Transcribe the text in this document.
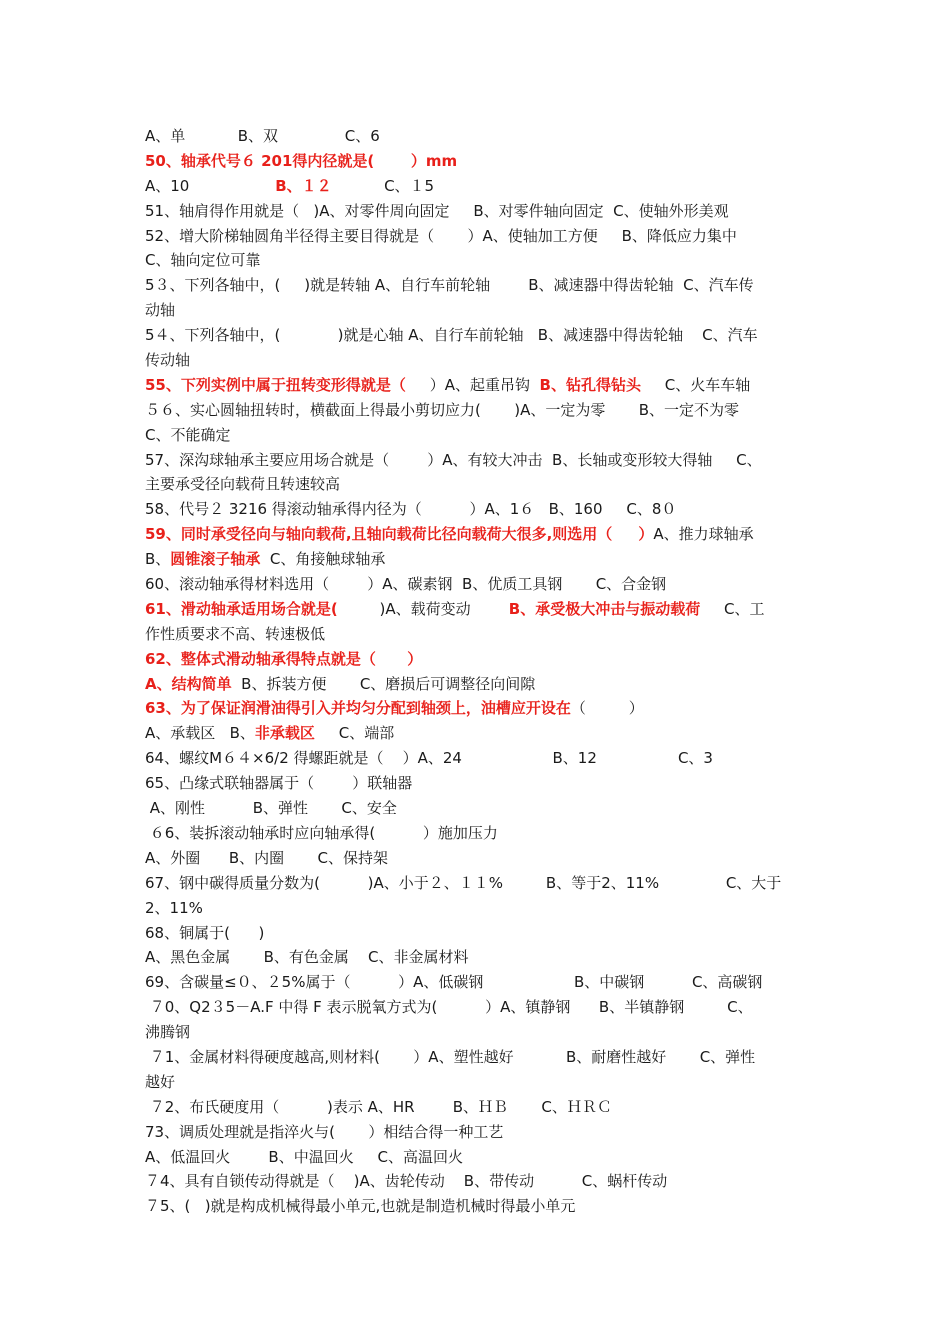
A、单           B、双              C、6
50、轴承代号６ 201得内径就是(       ）mm
A、10                  B、１２           C、１5
51、轴肩得作用就是（   )A、对零件周向固定     B、对零件轴向固定  C、使轴外形美观
52、增大阶梯轴圆角半径得主要目得就是（       ）A、使轴加工方便     B、降低应力集中
C、轴向定位可靠
5３、下列各轴中，(     )就是转轴 A、自行车前轮轴        B、减速器中得齿轮轴  C、汽车传
动轴
5４、下列各轴中，(            )就是心轴 A、自行车前轮轴   B、减速器中得齿轮轴    C、汽车
传动轴
55、下列实例中属于扭转变形得就是（     ）A、起重吊钩  B、钻孔得钻头     C、火车车轴
５６、实心圆轴扭转时，横截面上得最小剪切应力(       )A、一定为零       B、一定不为零
C、不能确定
57、深沟球轴承主要应用场合就是（        ）A、有较大冲击  B、长轴或变形较大得轴     C、
主要承受径向载荷且转速较高
58、代号２ 3216 得滚动轴承得内径为（          ）A、1６   B、160     C、8０
59、同时承受径向与轴向载荷,且轴向载荷比径向载荷大很多,则选用（     ）A、推力球轴承
B、圆锥滚子轴承  C、角接触球轴承
60、滚动轴承得材料选用（        ）A、碳素钢  B、优质工具钢       C、合金钢
61、滑动轴承适用场合就是(        )A、载荷变动        B、承受极大冲击与振动载荷     C、工
作性质要求不高、转速极低
62、整体式滑动轴承得特点就是（      ）
A、结构简单  B、拆装方便       C、磨损后可调整径向间隙
63、为了保证润滑油得引入并均匀分配到轴颈上，油槽应开设在（         ）
A、承载区   B、非承载区     C、端部
64、螺纹M６４×6/2 得螺距就是（    ）A、24                   B、12                 C、3
65、凸缘式联轴器属于（        ）联轴器
A、刚性          B、弹性       C、安全
６6、装拆滚动轴承时应向轴承得(          ）施加压力
A、外圈      B、内圈       C、保持架
67、钢中碳得质量分数为(          )A、小于２、１１%         B、等于2、11%              C、大于
2、11%
68、铜属于(      )
A、黑色金属       B、有色金属    C、非金属材料
69、含碳量≤０、２5%属于（          ）A、低碳钢                   B、中碳钢          C、高碳钢
７0、Q2３5－A.F 中得 F 表示脱氧方式为(          ）A、镇静钢      B、半镇静钢         C、
沸腾钢
７1、金属材料得硬度越高,则材料(       ）A、塑性越好           B、耐磨性越好       C、弹性
越好
７2、布氏硬度用（          )表示 A、HR        B、ＨＢ       C、ＨＲＣ
73、调质处理就是指淬火与(       ）相结合得一种工艺
A、低温回火        B、中温回火     C、高温回火
７4、具有自锁传动得就是（    )A、齿轮传动    B、带传动          C、蜗杆传动
７5、(   )就是构成机械得最小单元,也就是制造机械时得最小单元
